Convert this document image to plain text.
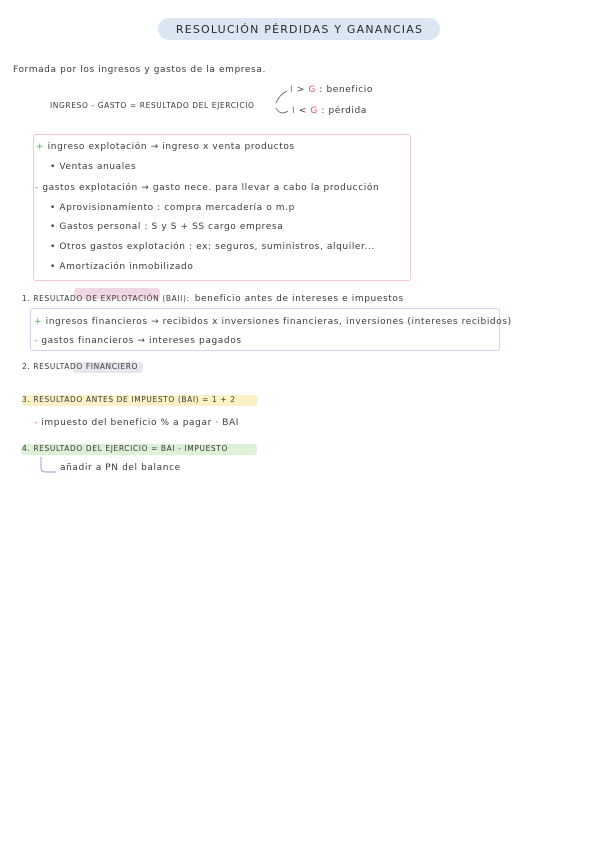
RESOLUCIÓN PÉRDIDAS Y GANANCIAS
Formada por los ingresos y gastos de la empresa.
INGRESO - GASTO = RESULTADO DEL EJERCICIO
I > G : beneficio
I < G : pérdida
+ ingreso explotación → ingreso x venta productos
• Ventas anuales
- gastos explotación → gasto nece. para llevar a cabo la producción
• Aprovisionamiento : compra mercadería o m.p
• Gastos personal : S y S + SS cargo empresa
• Otros gastos explotación : ex: seguros, suministros, alquiler...
• Amortización inmobilizado
1. RESULTADO DE EXPLOTACIÓN (BAII): beneficio antes de intereses e impuestos
+ ingresos financieros → recibidos x inversiones financieras, inversiones (intereses recibidos)
- gastos financieros → intereses pagados
2. RESULTADO FINANCIERO
3. RESULTADO ANTES DE IMPUESTO (BAI) = 1 + 2
- impuesto del beneficio % a pagar · BAI
4. RESULTADO DEL EJERCICIO = BAI - IMPUESTO
añadir a PN del balance
